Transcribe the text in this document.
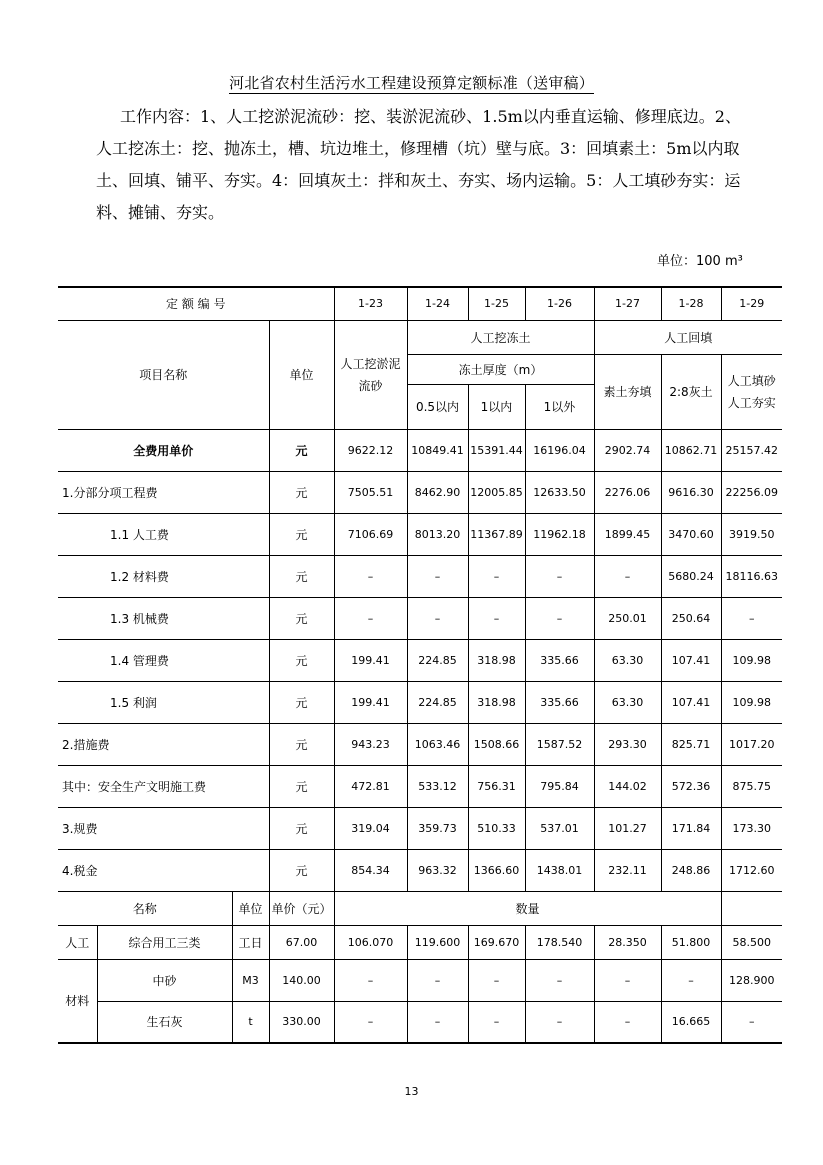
河北省农村生活污水工程建设预算定额标准（送审稿）
工作内容：1、人工挖淤泥流砂：挖、装淤泥流砂、1.5m以内垂直运输、修理底边。2、人工挖冻土：挖、抛冻土，槽、坑边堆土，修理槽（坑）壁与底。3：回填素土：5m以内取土、回填、铺平、夯实。4：回填灰土：拌和灰土、夯实、场内运输。5：人工填砂夯实：运料、摊铺、夯实。
单位：100 m³
定 额 编 号				1-23	1-24	1-25	1-26	1-27	1-28	1-29
项目名称			单位	人工挖淤泥流砂	人工挖冻土			人工回填		
					冻土厚度（m）			素土夯填	2:8灰土	人工填砂人工夯实
					0.5以内	1以内	1以外			
全费用单价			元	9622.12	10849.41	15391.44	16196.04	2902.74	10862.71	25157.42
1.分部分项工程费			元	7505.51	8462.90	12005.85	12633.50	2276.06	9616.30	22256.09
1.1 人工费			元	7106.69	8013.20	11367.89	11962.18	1899.45	3470.60	3919.50
1.2 材料费			元	–	–	–	–	–	5680.24	18116.63
1.3 机械费			元	–	–	–	–	250.01	250.64	–
1.4 管理费			元	199.41	224.85	318.98	335.66	63.30	107.41	109.98
1.5 利润			元	199.41	224.85	318.98	335.66	63.30	107.41	109.98
2.措施费			元	943.23	1063.46	1508.66	1587.52	293.30	825.71	1017.20
其中：安全生产文明施工费			元	472.81	533.12	756.31	795.84	144.02	572.36	875.75
3.规费			元	319.04	359.73	510.33	537.01	101.27	171.84	173.30
4.税金			元	854.34	963.32	1366.60	1438.01	232.11	248.86	1712.60
名称		单位	单价（元）	数量						
人工	综合用工三类	工日	67.00	106.070	119.600	169.670	178.540	28.350	51.800	58.500
材料	中砂	M3	140.00	–	–	–	–	–	–	128.900
	生石灰	t	330.00	–	–	–	–	–	16.665	–
13
